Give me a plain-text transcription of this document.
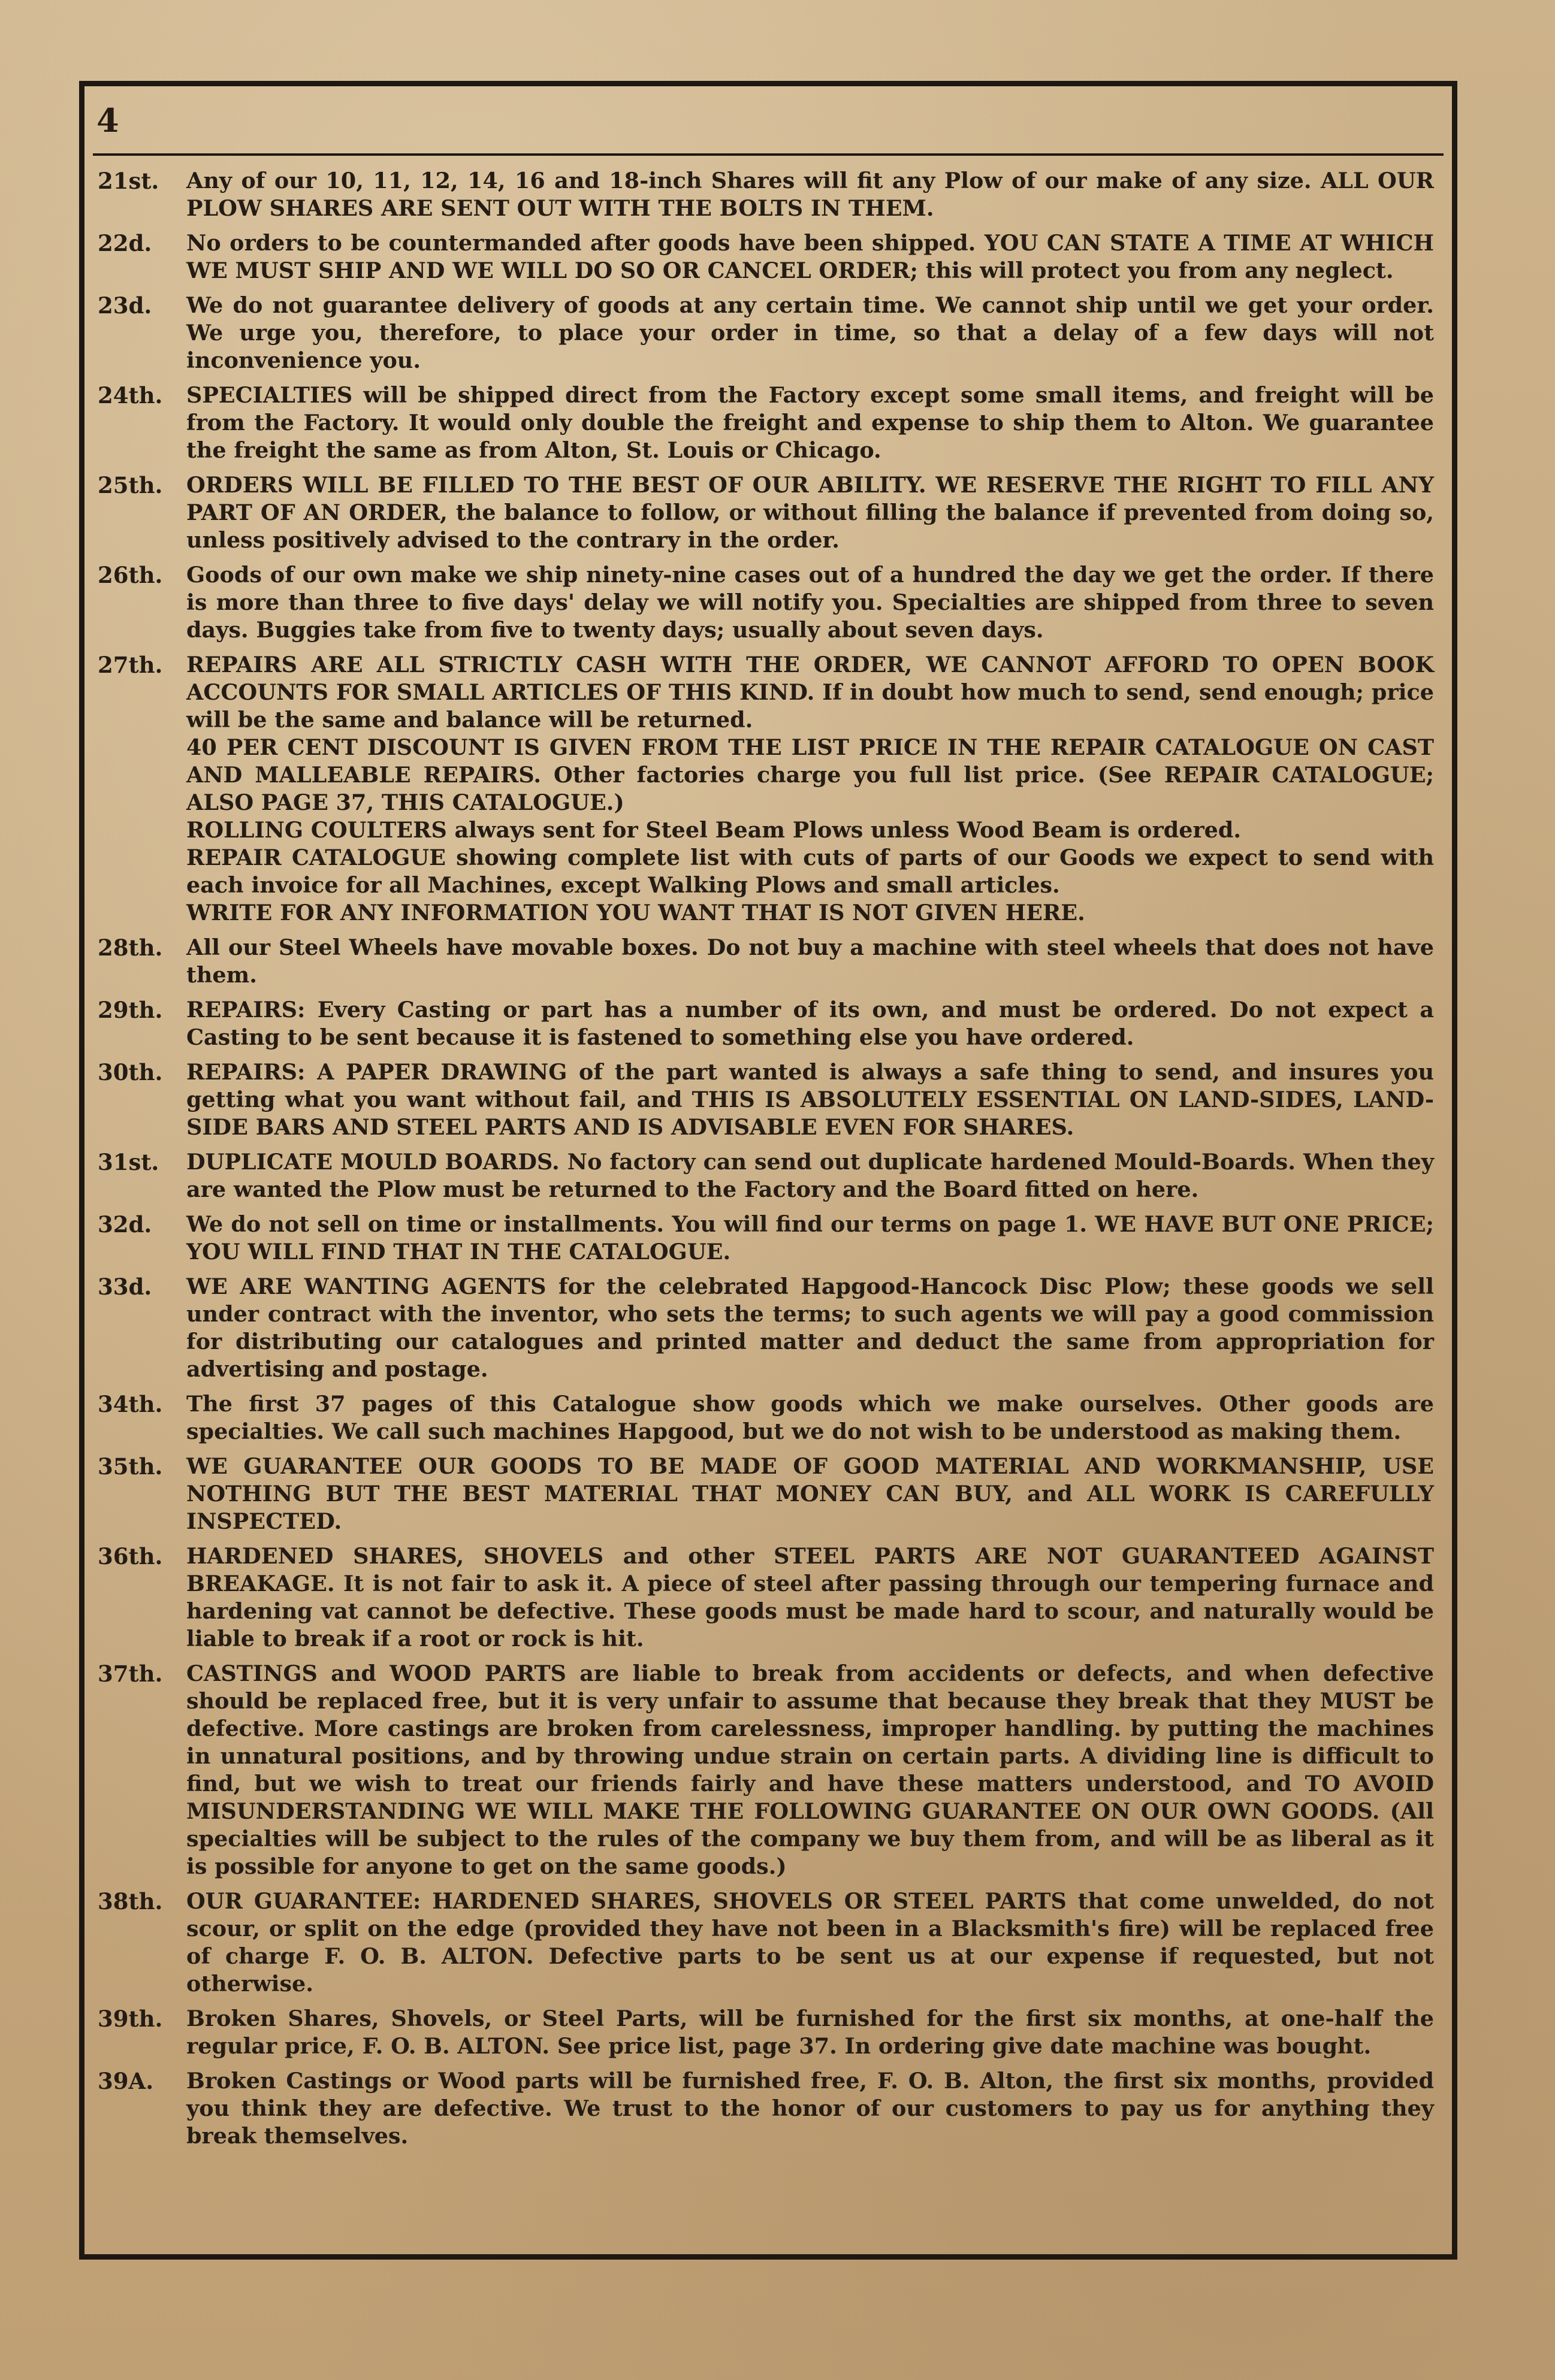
4
21st.	Any of our 10, 11, 12, 14, 16 and 18-inch Shares will fit any Plow of our make of any size. ALL OUR PLOW SHARES ARE SENT OUT WITH THE BOLTS IN THEM.

22d.	No orders to be countermanded after goods have been shipped. YOU CAN STATE A TIME AT WHICH WE MUST SHIP AND WE WILL DO SO OR CANCEL ORDER; this will protect you from any neglect.

23d.	We do not guarantee delivery of goods at any certain time. We cannot ship until we get your order. We urge you, therefore, to place your order in time, so that a delay of a few days will not inconvenience you.

24th.	SPECIALTIES will be shipped direct from the Factory except some small items, and freight will be from the Factory. It would only double the freight and expense to ship them to Alton. We guarantee the freight the same as from Alton, St. Louis or Chicago.

25th.	ORDERS WILL BE FILLED TO THE BEST OF OUR ABILITY. WE RESERVE THE RIGHT TO FILL ANY PART OF AN ORDER, the balance to follow, or without filling the balance if prevented from doing so, unless positively advised to the contrary in the order.

26th.	Goods of our own make we ship ninety-nine cases out of a hundred the day we get the order. If there is more than three to five days' delay we will notify you. Specialties are shipped from three to seven days. Buggies take from five to twenty days; usually about seven days.

27th.	REPAIRS ARE ALL STRICTLY CASH WITH THE ORDER, WE CANNOT AFFORD TO OPEN BOOK ACCOUNTS FOR SMALL ARTICLES OF THIS KIND. If in doubt how much to send, send enough; price will be the same and balance will be returned.

40 PER CENT DISCOUNT IS GIVEN FROM THE LIST PRICE IN THE REPAIR CATALOGUE ON CAST AND MALLEABLE REPAIRS. Other factories charge you full list price. (See REPAIR CATALOGUE; ALSO PAGE 37, THIS CATALOGUE.)

ROLLING COULTERS always sent for Steel Beam Plows unless Wood Beam is ordered.

REPAIR CATALOGUE showing complete list with cuts of parts of our Goods we expect to send with each invoice for all Machines, except Walking Plows and small articles.

WRITE FOR ANY INFORMATION YOU WANT THAT IS NOT GIVEN HERE.

28th.	All our Steel Wheels have movable boxes. Do not buy a machine with steel wheels that does not have them.

29th.	REPAIRS: Every Casting or part has a number of its own, and must be ordered. Do not expect a Casting to be sent because it is fastened to something else you have ordered.

30th.	REPAIRS: A PAPER DRAWING of the part wanted is always a safe thing to send, and insures you getting what you want without fail, and THIS IS ABSOLUTELY ESSENTIAL ON LAND-SIDES, LAND-SIDE BARS AND STEEL PARTS AND IS ADVISABLE EVEN FOR SHARES.

31st.	DUPLICATE MOULD BOARDS. No factory can send out duplicate hardened Mould-Boards. When they are wanted the Plow must be returned to the Factory and the Board fitted on here.

32d.	We do not sell on time or installments. You will find our terms on page 1. WE HAVE BUT ONE PRICE; YOU WILL FIND THAT IN THE CATALOGUE.

33d.	WE ARE WANTING AGENTS for the celebrated Hapgood-Hancock Disc Plow; these goods we sell under contract with the inventor, who sets the terms; to such agents we will pay a good commission for distributing our catalogues and printed matter and deduct the same from appropriation for advertising and postage.

34th.	The first 37 pages of this Catalogue show goods which we make ourselves. Other goods are specialties. We call such machines Hapgood, but we do not wish to be understood as making them.

35th.	WE GUARANTEE OUR GOODS TO BE MADE OF GOOD MATERIAL AND WORKMANSHIP, USE NOTHING BUT THE BEST MATERIAL THAT MONEY CAN BUY, and ALL WORK IS CAREFULLY INSPECTED.

36th.	HARDENED SHARES, SHOVELS and other STEEL PARTS ARE NOT GUARANTEED AGAINST BREAKAGE. It is not fair to ask it. A piece of steel after passing through our tempering furnace and hardening vat cannot be defective. These goods must be made hard to scour, and naturally would be liable to break if a root or rock is hit.

37th.	CASTINGS and WOOD PARTS are liable to break from accidents or defects, and when defective should be replaced free, but it is very unfair to assume that because they break that they MUST be defective. More castings are broken from carelessness, improper handling. by putting the machines in unnatural positions, and by throwing undue strain on certain parts. A dividing line is difficult to find, but we wish to treat our friends fairly and have these matters understood, and TO AVOID MISUNDERSTANDING WE WILL MAKE THE FOLLOWING GUARANTEE ON OUR OWN GOODS. (All specialties will be subject to the rules of the company we buy them from, and will be as liberal as it is possible for anyone to get on the same goods.)

38th.	OUR GUARANTEE: HARDENED SHARES, SHOVELS OR STEEL PARTS that come unwelded, do not scour, or split on the edge (provided they have not been in a Blacksmith's fire) will be replaced free of charge F. O. B. ALTON. Defective parts to be sent us at our expense if requested, but not otherwise.

39th.	Broken Shares, Shovels, or Steel Parts, will be furnished for the first six months, at one-half the regular price, F. O. B. ALTON. See price list, page 37. In ordering give date machine was bought.

39A.	Broken Castings or Wood parts will be furnished free, F. O. B. Alton, the first six months, provided you think they are defective. We trust to the honor of our customers to pay us for anything they break themselves.
